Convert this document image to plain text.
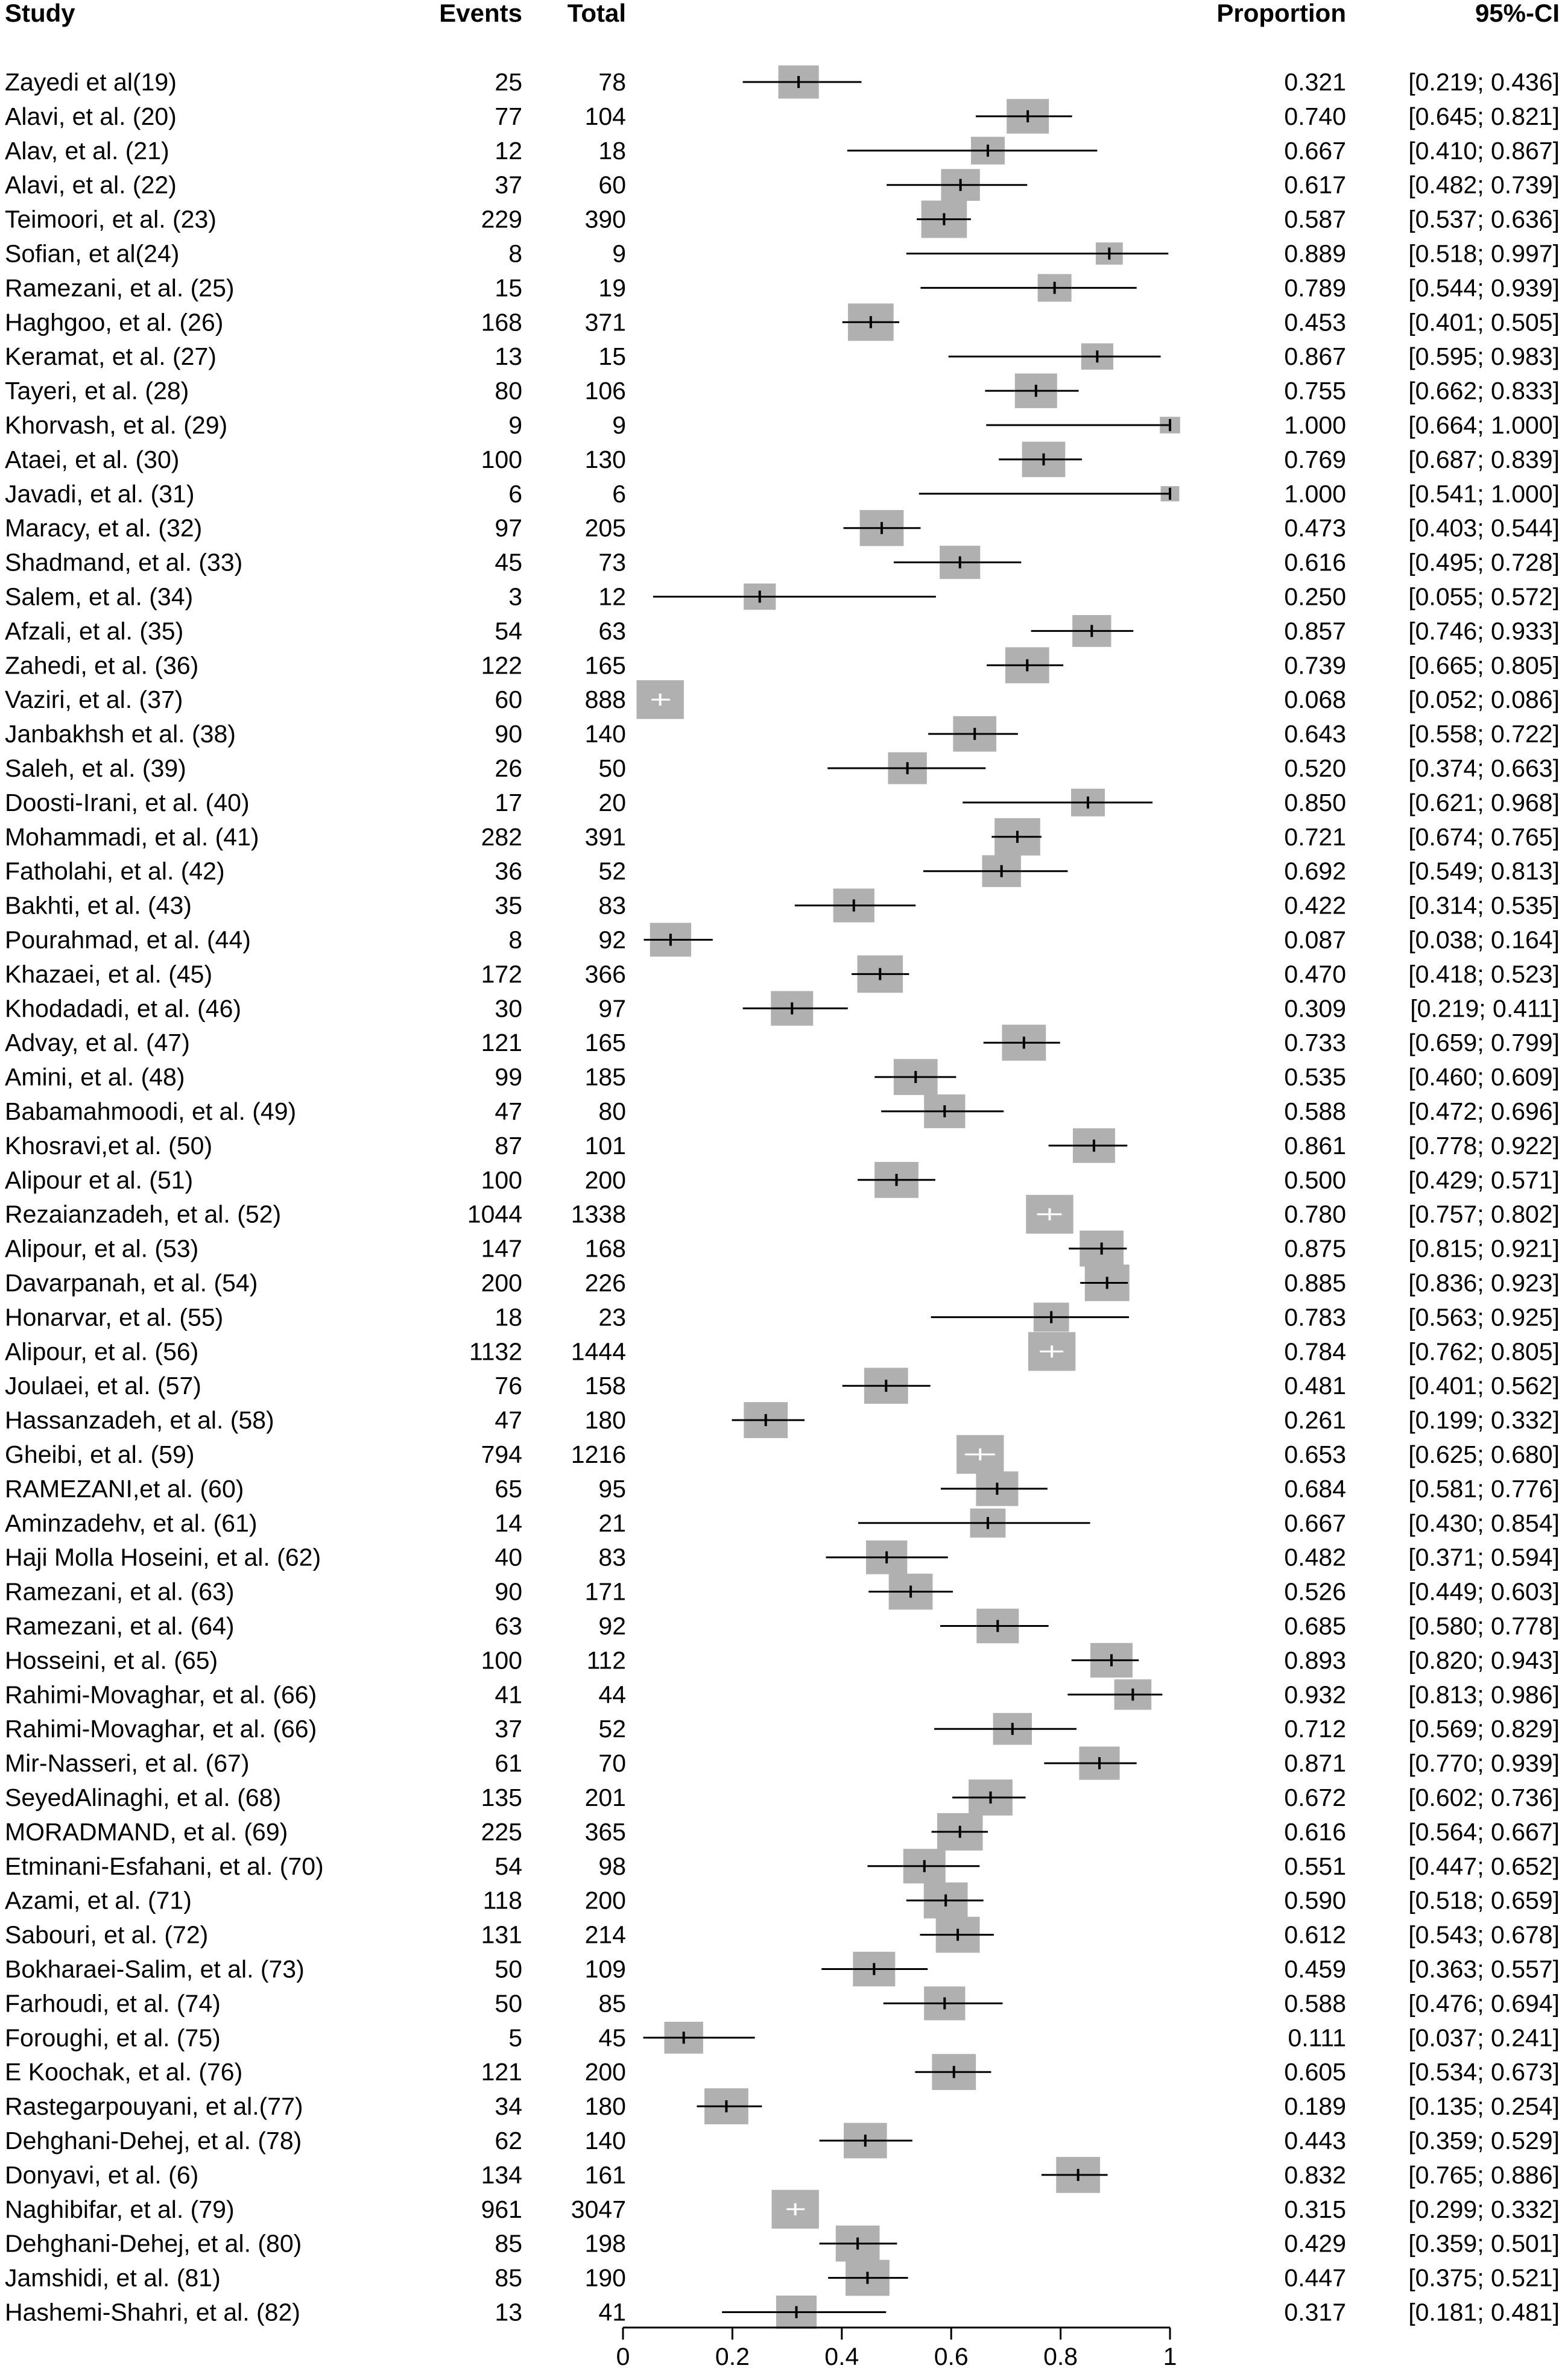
Study	Events Total	Proportion	95%-CI
Zayedi et al(19)	25	78	0.321	[0.219; 0.436]
Alavi, et al. (20)	77	104	0.740	[0.645; 0.821]
Alav, et al. (21)	12	18	0.667	[0.410; 0.867]
Alavi, et al. (22)	37	60	0.617	[0.482; 0.739]
Teimoori, et al. (23)	229	390	0.587	[0.537; 0.636]
Sofian, et al(24)	8	9	0.889	[0.518; 0.997]
Ramezani, et al. (25)	15	19	0.789	[0.544; 0.939]
Haghgoo, et al. (26)	168	371	0.453	[0.401; 0.505]
Keramat, et al. (27)	13	15	0.867	[0.595; 0.983]
Tayeri, et al. (28)	80	106	0.755	[0.662; 0.833]
Khorvash, et al. (29)	9	9	1.000	[0.664; 1.000]
Ataei, et al. (30)	100	130	0.769	[0.687; 0.839]
Javadi, et al. (31)	6	6	1.000	[0.541; 1.000]
Maracy, et al. (32)	97	205	0.473	[0.403; 0.544]
Shadmand, et al. (33)	45	73	0.616	[0.495; 0.728]
Salem, et al. (34)	3	12	0.250	[0.055; 0.572]
Afzali, et al. (35)	54	63	0.857	[0.746; 0.933]
Zahedi, et al. (36)	122	165	0.739	[0.665; 0.805]
Vaziri, et al. (37)	60	888	0.068	[0.052; 0.086]
Janbakhsh et al. (38)	90	140	0.643	[0.558; 0.722]
Saleh, et al. (39)	26	50	0.520	[0.374; 0.663]
Doosti-Irani, et al. (40)	17	20	0.850	[0.621; 0.968]
Mohammadi, et al. (41)	282	391	0.721	[0.674; 0.765]
Fatholahi, et al. (42)	36	52	0.692	[0.549; 0.813]
Bakhti, et al. (43)	35	83	0.422	[0.314; 0.535]
Pourahmad, et al. (44)	8	92	0.087	[0.038; 0.164]
Khazaei, et al. (45)	172	366	0.470	[0.418; 0.523]
Khodadadi, et al. (46)	30	97	0.309	[0.219; 0.411]
Advay, et al. (47)	121	165	0.733	[0.659; 0.799]
Amini, et al. (48)	99	185	0.535	[0.460; 0.609]
Babamahmoodi, et al. (49)	47	80	0.588	[0.472; 0.696]
Khosravi,et al. (50)	87	101	0.861	[0.778; 0.922]
Alipour et al. (51)	100	200	0.500	[0.429; 0.571]
Rezaianzadeh, et al. (52)	1044 1338	0.780	[0.757; 0.802]
Alipour, et al. (53)	147	168	0.875	[0.815; 0.921]
Davarpanah, et al. (54)	200	226	0.885	[0.836; 0.923]
Honarvar, et al. (55)	18	23	0.783	[0.563; 0.925]
Alipour, et al. (56)	1132 1444	0.784	[0.762; 0.805]
Joulaei, et al. (57)	76	158	0.481	[0.401; 0.562]
Hassanzadeh, et al. (58)	47	180	0.261	[0.199; 0.332]
Gheibi, et al. (59)	794 1216	0.653	[0.625; 0.680]
RAMEZANI,et al. (60)	65	95	0.684	[0.581; 0.776]
Aminzadehv, et al. (61)	14	21	0.667	[0.430; 0.854]
Haji Molla Hoseini, et al. (62)	40	83	0.482	[0.371; 0.594]
Ramezani, et al. (63)	90	171	0.526	[0.449; 0.603]
Ramezani, et al. (64)	63	92	0.685	[0.580; 0.778]
Hosseini, et al. (65)	100	112	0.893	[0.820; 0.943]
Rahimi-Movaghar, et al. (66)	41	44	0.932	[0.813; 0.986]
Rahimi-Movaghar, et al. (66)	37	52	0.712	[0.569; 0.829]
Mir-Nasseri, et al. (67)	61	70	0.871	[0.770; 0.939]
SeyedAlinaghi, et al. (68)	135	201	0.672	[0.602; 0.736]
MORADMAND, et al. (69)	225	365	0.616	[0.564; 0.667]
Etminani-Esfahani, et al. (70)	54	98	0.551	[0.447; 0.652]
Azami, et al. (71)	118	200	0.590	[0.518; 0.659]
Sabouri, et al. (72)	131	214	0.612	[0.543; 0.678]
Bokharaei-Salim, et al. (73)	50	109	0.459	[0.363; 0.557]
Farhoudi, et al. (74)	50	85	0.588	[0.476; 0.694]
Foroughi, et al. (75)	5	45	0.111	[0.037; 0.241]
E Koochak, et al. (76)	121	200	0.605	[0.534; 0.673]
Rastegarpouyani, et al.(77)	34	180	0.189	[0.135; 0.254]
Dehghani-Dehej, et al. (78)	62	140	0.443	[0.359; 0.529]
Donyavi, et al. (6)	134	161	0.832	[0.765; 0.886]
Naghibifar, et al. (79)	961 3047	0.315	[0.299; 0.332]
Dehghani-Dehej, et al. (80)	85	198	0.429	[0.359; 0.501]
Jamshidi, et al. (81)	85	190	0.447	[0.375; 0.521]
Hashemi-Shahri, et al. (82)	13	41	0.317	[0.181; 0.481]
0	0.2	0.4	0.6	0.8	1
